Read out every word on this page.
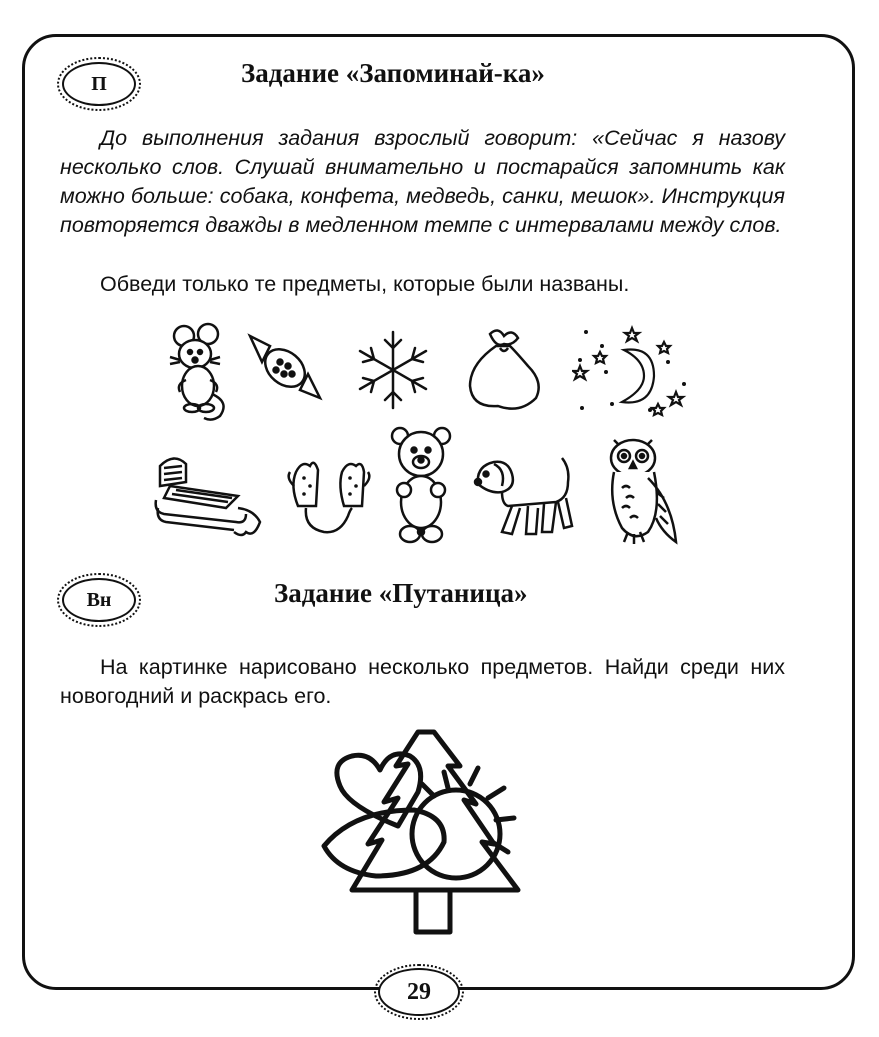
П	Задание «Запоминай-ка»

До выполнения задания взрослый говорит: «Сейчас я назову несколько слов. Слушай внимательно и постарайся запомнить как можно больше: собака, конфета, медведь, санки, мешок». Инструкция повторяется дважды в медленном темпе с интервалами между слов.

Обведи только те предметы, которые были названы.

Вн	Задание «Путаница»

На картинке нарисовано несколько предметов. Найди среди них новогодний и раскрась его.

29
